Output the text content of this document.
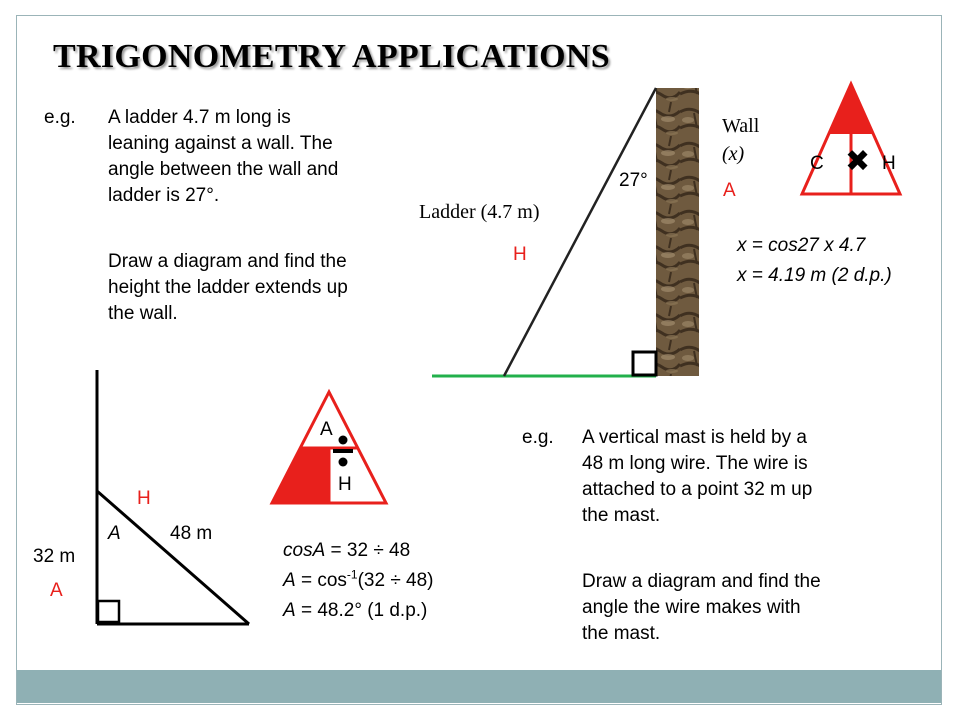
TRIGONOMETRY APPLICATIONS
e.g. A ladder 4.7 m long is
leaning against a wall. The
angle between the wall and
ladder is 27°.
Draw a diagram and find the
height the ladder extends up
the wall.
Wall
(x)
27°	A
Ladder (4.7 m)
H
C ✖ H
x = cos27 x 4.7
x = 4.19 m (2 d.p.)
H
A	48 m
32 m
A
A
H
cosA = 32 ÷ 48
$A = \cos^{-1}(32 \div 48)$
A = 48.2° (1 d.p.)
e.g. A vertical mast is held by a
48 m long wire. The wire is
attached to a point 32 m up
the mast.
Draw a diagram and find the
angle the wire makes with
the mast.
